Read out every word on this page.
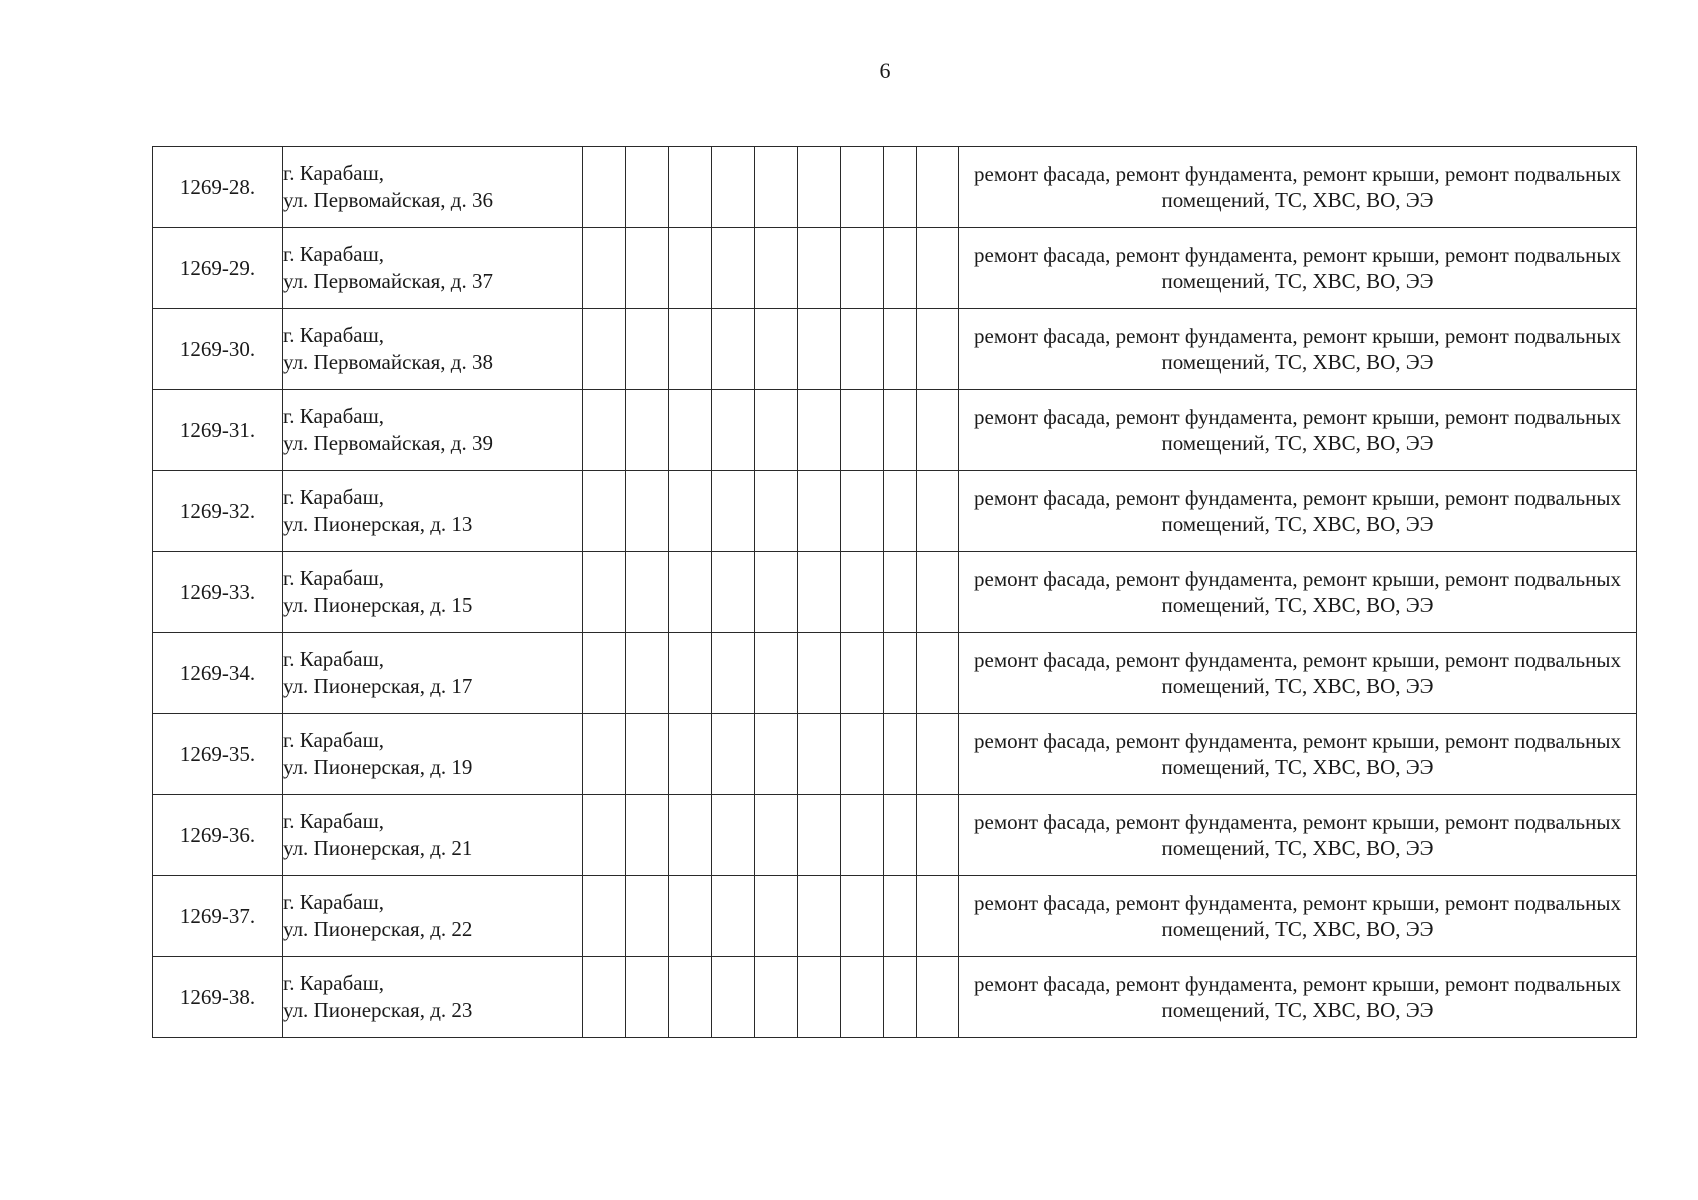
6
1269-28.	г. Карабаш,
ул. Первомайская, д. 36										ремонт фасада, ремонт фундамента, ремонт крыши, ремонт подвальных помещений, ТС, ХВС, ВО, ЭЭ
1269-29.	г. Карабаш,
ул. Первомайская, д. 37										ремонт фасада, ремонт фундамента, ремонт крыши, ремонт подвальных помещений, ТС, ХВС, ВО, ЭЭ
1269-30.	г. Карабаш,
ул. Первомайская, д. 38										ремонт фасада, ремонт фундамента, ремонт крыши, ремонт подвальных помещений, ТС, ХВС, ВО, ЭЭ
1269-31.	г. Карабаш,
ул. Первомайская, д. 39										ремонт фасада, ремонт фундамента, ремонт крыши, ремонт подвальных помещений, ТС, ХВС, ВО, ЭЭ
1269-32.	г. Карабаш,
ул. Пионерская, д. 13										ремонт фасада, ремонт фундамента, ремонт крыши, ремонт подвальных помещений, ТС, ХВС, ВО, ЭЭ
1269-33.	г. Карабаш,
ул. Пионерская, д. 15										ремонт фасада, ремонт фундамента, ремонт крыши, ремонт подвальных помещений, ТС, ХВС, ВО, ЭЭ
1269-34.	г. Карабаш,
ул. Пионерская, д. 17										ремонт фасада, ремонт фундамента, ремонт крыши, ремонт подвальных помещений, ТС, ХВС, ВО, ЭЭ
1269-35.	г. Карабаш,
ул. Пионерская, д. 19										ремонт фасада, ремонт фундамента, ремонт крыши, ремонт подвальных помещений, ТС, ХВС, ВО, ЭЭ
1269-36.	г. Карабаш,
ул. Пионерская, д. 21										ремонт фасада, ремонт фундамента, ремонт крыши, ремонт подвальных помещений, ТС, ХВС, ВО, ЭЭ
1269-37.	г. Карабаш,
ул. Пионерская, д. 22										ремонт фасада, ремонт фундамента, ремонт крыши, ремонт подвальных помещений, ТС, ХВС, ВО, ЭЭ
1269-38.	г. Карабаш,
ул. Пионерская, д. 23										ремонт фасада, ремонт фундамента, ремонт крыши, ремонт подвальных помещений, ТС, ХВС, ВО, ЭЭ
